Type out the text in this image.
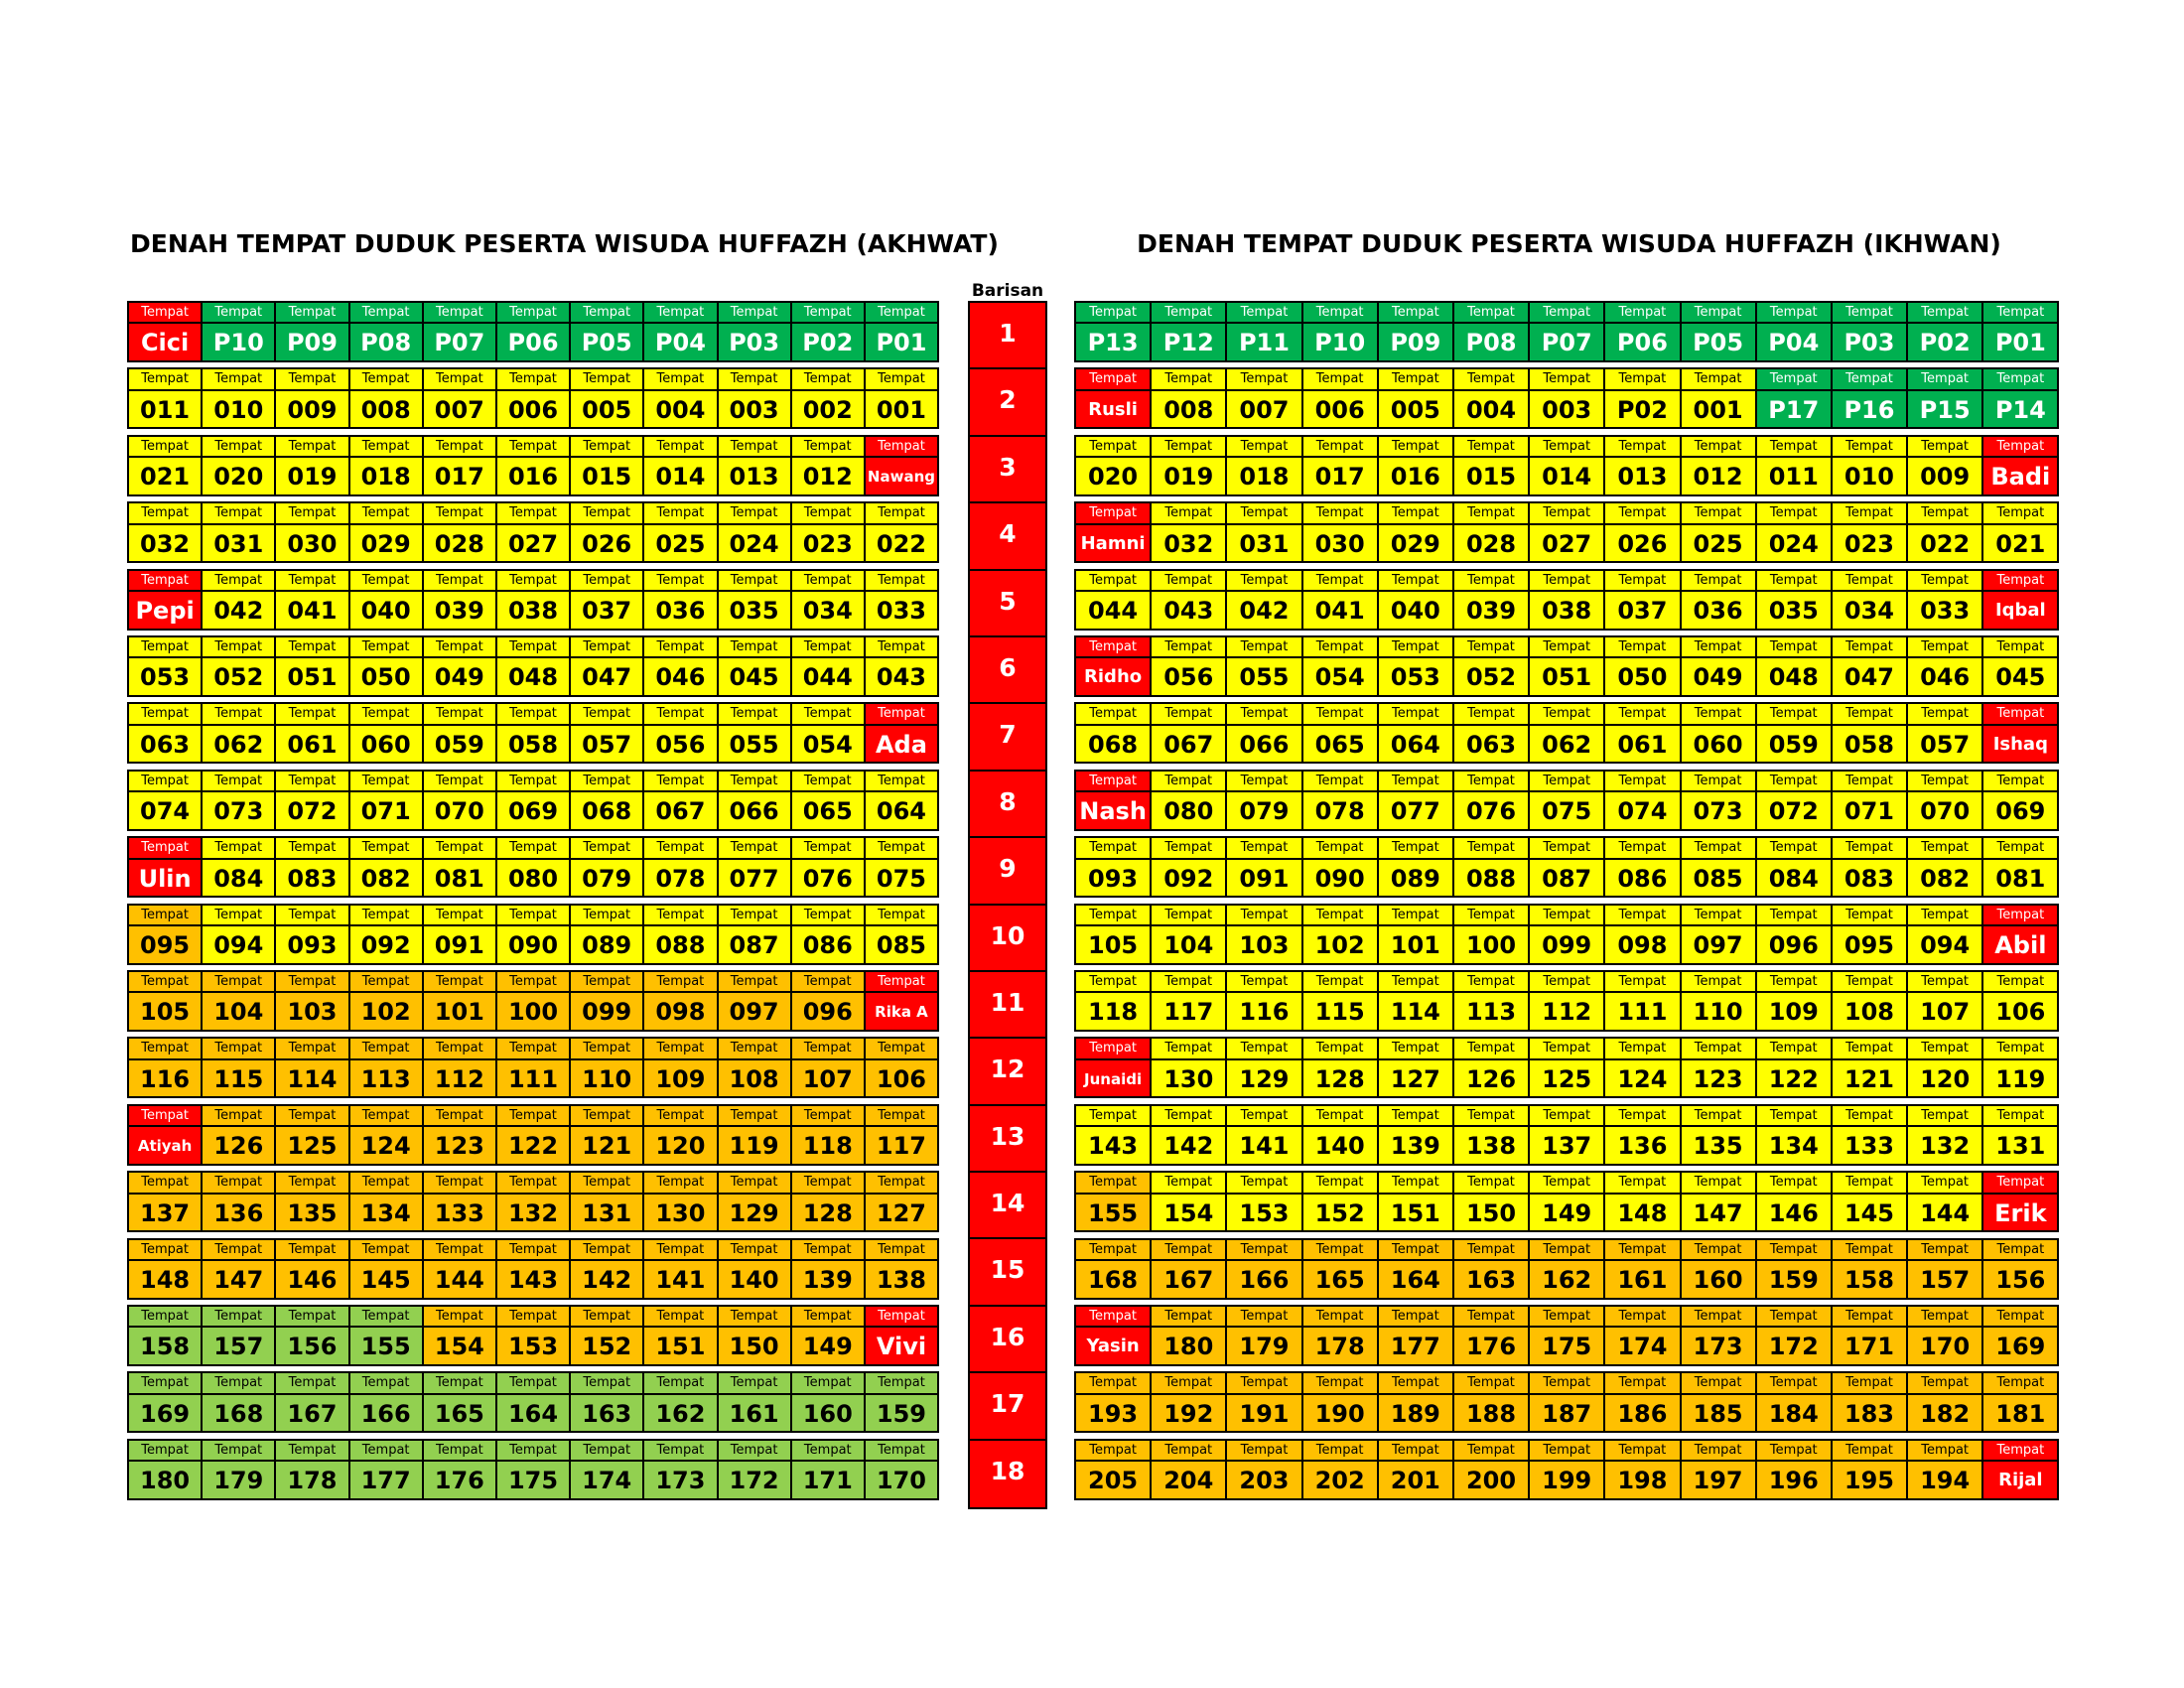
DENAH TEMPAT DUDUK PESERTA WISUDA HUFFAZH (AKHWAT)	DENAH TEMPAT DUDUK PESERTA WISUDA HUFFAZH (IKHWAN)
Tempat
Cici
Tempat
P10
Tempat
P09
Tempat
P08
Tempat
P07
Tempat
P06
Tempat
P05
Tempat
P04
Tempat
P03
Tempat
P02
Tempat
P01
Tempat
011
Tempat
010
Tempat
009
Tempat
008
Tempat
007
Tempat
006
Tempat
005
Tempat
004
Tempat
003
Tempat
002
Tempat
001
Tempat
021
Tempat
020
Tempat
019
Tempat
018
Tempat
017
Tempat
016
Tempat
015
Tempat
014
Tempat
013
Tempat
012
Tempat
Nawang
Tempat
032
Tempat
031
Tempat
030
Tempat
029
Tempat
028
Tempat
027
Tempat
026
Tempat
025
Tempat
024
Tempat
023
Tempat
022
Tempat
Pepi
Tempat
042
Tempat
041
Tempat
040
Tempat
039
Tempat
038
Tempat
037
Tempat
036
Tempat
035
Tempat
034
Tempat
033
Tempat
053
Tempat
052
Tempat
051
Tempat
050
Tempat
049
Tempat
048
Tempat
047
Tempat
046
Tempat
045
Tempat
044
Tempat
043
Tempat
063
Tempat
062
Tempat
061
Tempat
060
Tempat
059
Tempat
058
Tempat
057
Tempat
056
Tempat
055
Tempat
054
Tempat
Ada
Tempat
074
Tempat
073
Tempat
072
Tempat
071
Tempat
070
Tempat
069
Tempat
068
Tempat
067
Tempat
066
Tempat
065
Tempat
064
Tempat
Ulin
Tempat
084
Tempat
083
Tempat
082
Tempat
081
Tempat
080
Tempat
079
Tempat
078
Tempat
077
Tempat
076
Tempat
075
Tempat
095
Tempat
094
Tempat
093
Tempat
092
Tempat
091
Tempat
090
Tempat
089
Tempat
088
Tempat
087
Tempat
086
Tempat
085
Tempat
105
Tempat
104
Tempat
103
Tempat
102
Tempat
101
Tempat
100
Tempat
099
Tempat
098
Tempat
097
Tempat
096
Tempat
Rika A
Tempat
116
Tempat
115
Tempat
114
Tempat
113
Tempat
112
Tempat
111
Tempat
110
Tempat
109
Tempat
108
Tempat
107
Tempat
106
Tempat
Atiyah
Tempat
126
Tempat
125
Tempat
124
Tempat
123
Tempat
122
Tempat
121
Tempat
120
Tempat
119
Tempat
118
Tempat
117
Tempat
137
Tempat
136
Tempat
135
Tempat
134
Tempat
133
Tempat
132
Tempat
131
Tempat
130
Tempat
129
Tempat
128
Tempat
127
Tempat
148
Tempat
147
Tempat
146
Tempat
145
Tempat
144
Tempat
143
Tempat
142
Tempat
141
Tempat
140
Tempat
139
Tempat
138
Tempat
158
Tempat
157
Tempat
156
Tempat
155
Tempat
154
Tempat
153
Tempat
152
Tempat
151
Tempat
150
Tempat
149
Tempat
Vivi
Tempat
169
Tempat
168
Tempat
167
Tempat
166
Tempat
165
Tempat
164
Tempat
163
Tempat
162
Tempat
161
Tempat
160
Tempat
159
Tempat
180
Tempat
179
Tempat
178
Tempat
177
Tempat
176
Tempat
175
Tempat
174
Tempat
173
Tempat
172
Tempat
171
Tempat
170
Barisan
1
2
3
4
5
6
7
8
9
10
11
12
13
14
15
16
17
18
Tempat
P13
Tempat
P12
Tempat
P11
Tempat
P10
Tempat
P09
Tempat
P08
Tempat
P07
Tempat
P06
Tempat
P05
Tempat
P04
Tempat
P03
Tempat
P02
Tempat
P01
Tempat
Rusli
Tempat
008
Tempat
007
Tempat
006
Tempat
005
Tempat
004
Tempat
003
Tempat
P02
Tempat
001
Tempat
P17
Tempat
P16
Tempat
P15
Tempat
P14
Tempat
020
Tempat
019
Tempat
018
Tempat
017
Tempat
016
Tempat
015
Tempat
014
Tempat
013
Tempat
012
Tempat
011
Tempat
010
Tempat
009
Tempat
Badi
Tempat
Hamni
Tempat
032
Tempat
031
Tempat
030
Tempat
029
Tempat
028
Tempat
027
Tempat
026
Tempat
025
Tempat
024
Tempat
023
Tempat
022
Tempat
021
Tempat
044
Tempat
043
Tempat
042
Tempat
041
Tempat
040
Tempat
039
Tempat
038
Tempat
037
Tempat
036
Tempat
035
Tempat
034
Tempat
033
Tempat
Iqbal
Tempat
Ridho
Tempat
056
Tempat
055
Tempat
054
Tempat
053
Tempat
052
Tempat
051
Tempat
050
Tempat
049
Tempat
048
Tempat
047
Tempat
046
Tempat
045
Tempat
068
Tempat
067
Tempat
066
Tempat
065
Tempat
064
Tempat
063
Tempat
062
Tempat
061
Tempat
060
Tempat
059
Tempat
058
Tempat
057
Tempat
Ishaq
Tempat
Nash
Tempat
080
Tempat
079
Tempat
078
Tempat
077
Tempat
076
Tempat
075
Tempat
074
Tempat
073
Tempat
072
Tempat
071
Tempat
070
Tempat
069
Tempat
093
Tempat
092
Tempat
091
Tempat
090
Tempat
089
Tempat
088
Tempat
087
Tempat
086
Tempat
085
Tempat
084
Tempat
083
Tempat
082
Tempat
081
Tempat
105
Tempat
104
Tempat
103
Tempat
102
Tempat
101
Tempat
100
Tempat
099
Tempat
098
Tempat
097
Tempat
096
Tempat
095
Tempat
094
Tempat
Abil
Tempat
118
Tempat
117
Tempat
116
Tempat
115
Tempat
114
Tempat
113
Tempat
112
Tempat
111
Tempat
110
Tempat
109
Tempat
108
Tempat
107
Tempat
106
Tempat
Junaidi
Tempat
130
Tempat
129
Tempat
128
Tempat
127
Tempat
126
Tempat
125
Tempat
124
Tempat
123
Tempat
122
Tempat
121
Tempat
120
Tempat
119
Tempat
143
Tempat
142
Tempat
141
Tempat
140
Tempat
139
Tempat
138
Tempat
137
Tempat
136
Tempat
135
Tempat
134
Tempat
133
Tempat
132
Tempat
131
Tempat
155
Tempat
154
Tempat
153
Tempat
152
Tempat
151
Tempat
150
Tempat
149
Tempat
148
Tempat
147
Tempat
146
Tempat
145
Tempat
144
Tempat
Erik
Tempat
168
Tempat
167
Tempat
166
Tempat
165
Tempat
164
Tempat
163
Tempat
162
Tempat
161
Tempat
160
Tempat
159
Tempat
158
Tempat
157
Tempat
156
Tempat
Yasin
Tempat
180
Tempat
179
Tempat
178
Tempat
177
Tempat
176
Tempat
175
Tempat
174
Tempat
173
Tempat
172
Tempat
171
Tempat
170
Tempat
169
Tempat
193
Tempat
192
Tempat
191
Tempat
190
Tempat
189
Tempat
188
Tempat
187
Tempat
186
Tempat
185
Tempat
184
Tempat
183
Tempat
182
Tempat
181
Tempat
205
Tempat
204
Tempat
203
Tempat
202
Tempat
201
Tempat
200
Tempat
199
Tempat
198
Tempat
197
Tempat
196
Tempat
195
Tempat
194
Tempat
Rijal
